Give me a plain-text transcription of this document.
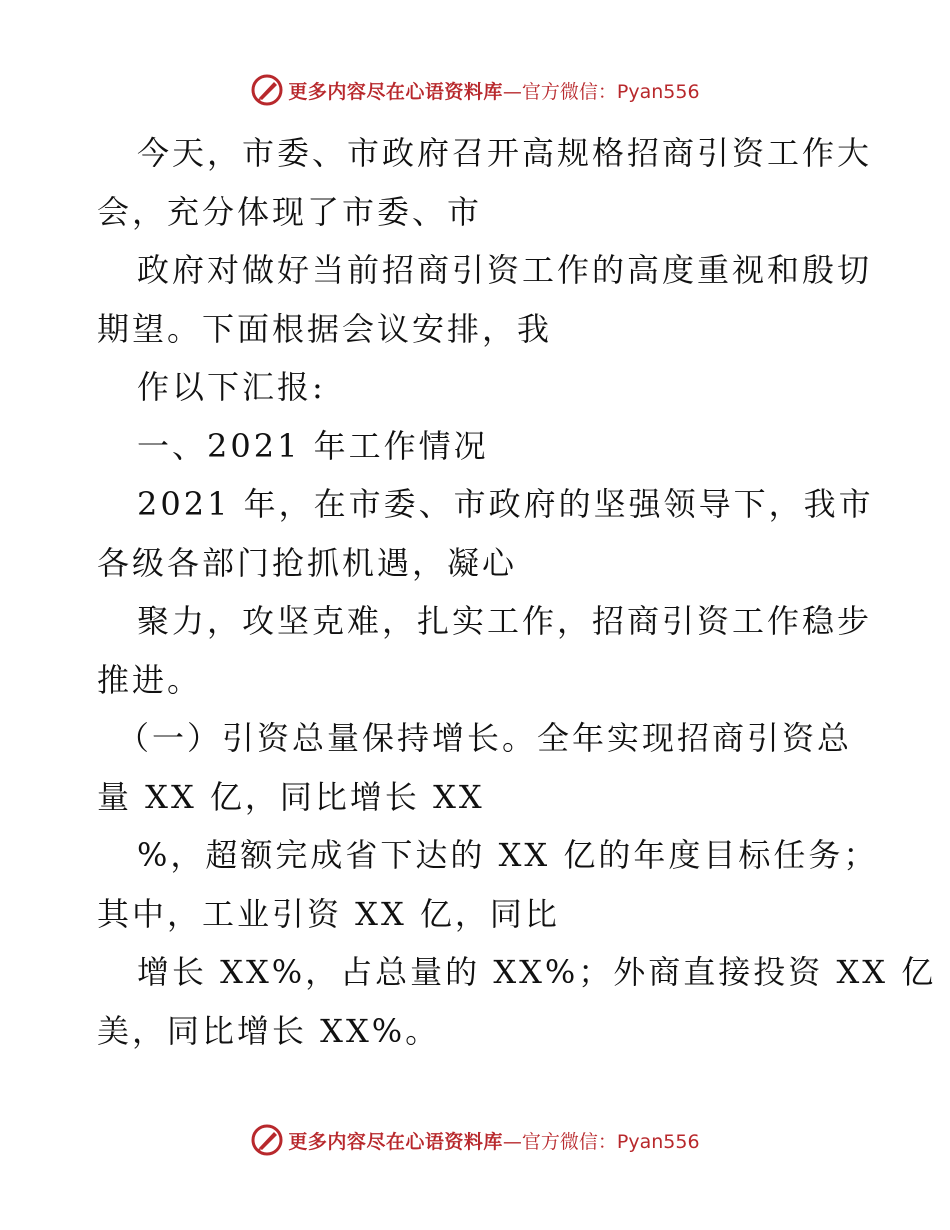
更多内容尽在心语资料库 —官方微信：Pyan556
今天，市委、市政府召开高规格招商引资工作大
会，充分体现了市委、市
政府对做好当前招商引资工作的高度重视和殷切
期望。下面根据会议安排，我
作以下汇报:
一、2021 年工作情况
2021 年，在市委、市政府的坚强领导下，我市
各级各部门抢抓机遇，凝心
聚力，攻坚克难，扎实工作，招商引资工作稳步
推进。
（一）引资总量保持增长。全年实现招商引资总
量 XX 亿，同比增长 XX
%，超额完成省下达的 XX 亿的年度目标任务；
其中，工业引资 XX 亿，同比
增长 XX%，占总量的 XX%；外商直接投资 XX 亿
美，同比增长 XX%。
更多内容尽在心语资料库 —官方微信：Pyan556
